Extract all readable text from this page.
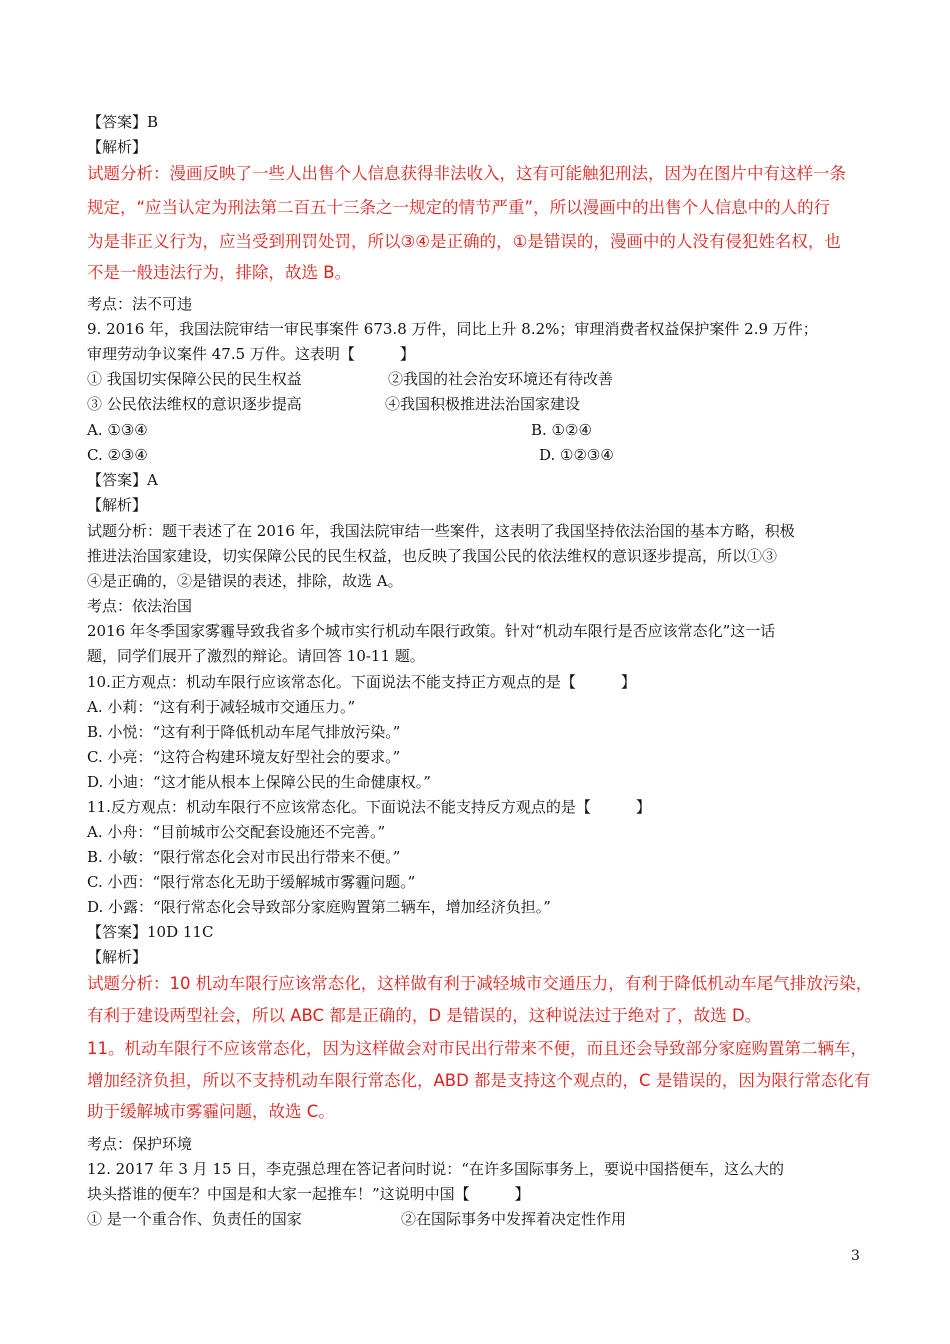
【答案】B
【解析】
试题分析：漫画反映了一些人出售个人信息获得非法收入，这有可能触犯刑法，因为在图片中有这样一条
规定，“应当认定为刑法第二百五十三条之一规定的情节严重”，所以漫画中的出售个人信息中的人的行
为是非正义行为，应当受到刑罚处罚，所以③④是正确的，①是错误的，漫画中的人没有侵犯姓名权，也
不是一般违法行为，排除，故选 B。
考点：法不可违
9. 2016 年，我国法院审结一审民事案件 673.8 万件，同比上升 8.2%；审理消费者权益保护案件 2.9 万件；
审理劳动争议案件 47.5 万件。这表明【　　　】
① 我国切实保障公民的民生权益	②我国的社会治安环境还有待改善
③ 公民依法维权的意识逐步提高	④我国积极推进法治国家建设
A. ①③④	B. ①②④
C. ②③④	D. ①②③④
【答案】A
【解析】
试题分析：题干表述了在 2016 年，我国法院审结一些案件，这表明了我国坚持依法治国的基本方略，积极
推进法治国家建设，切实保障公民的民生权益，也反映了我国公民的依法维权的意识逐步提高，所以①③
④是正确的，②是错误的表述，排除，故选 A。
考点：依法治国
2016 年冬季国家雾霾导致我省多个城市实行机动车限行政策。针对“机动车限行是否应该常态化”这一话
题，同学们展开了激烈的辩论。请回答 10-11 题。
10.正方观点：机动车限行应该常态化。下面说法不能支持正方观点的是【　　　】
A. 小莉：“这有利于减轻城市交通压力。”
B. 小悦：“这有利于降低机动车尾气排放污染。”
C. 小亮：“这符合构建环境友好型社会的要求。”
D. 小迪：“这才能从根本上保障公民的生命健康权。”
11.反方观点：机动车限行不应该常态化。下面说法不能支持反方观点的是【　　　】
A. 小舟：“目前城市公交配套设施还不完善。”
B. 小敏：“限行常态化会对市民出行带来不便。”
C. 小西：“限行常态化无助于缓解城市雾霾问题。”
D. 小露：“限行常态化会导致部分家庭购置第二辆车，增加经济负担。”
【答案】10D 11C
【解析】
试题分析：10 机动车限行应该常态化，这样做有利于减轻城市交通压力，有利于降低机动车尾气排放污染，
有利于建设两型社会，所以 ABC 都是正确的，D 是错误的，这种说法过于绝对了，故选 D。
11。机动车限行不应该常态化，因为这样做会对市民出行带来不便，而且还会导致部分家庭购置第二辆车，
增加经济负担，所以不支持机动车限行常态化，ABD 都是支持这个观点的，C 是错误的，因为限行常态化有
助于缓解城市雾霾问题，故选 C。
考点：保护环境
12. 2017 年 3 月 15 日，李克强总理在答记者问时说：“在许多国际事务上，要说中国搭便车，这么大的
块头搭谁的便车？中国是和大家一起推车！”这说明中国【　　　】
① 是一个重合作、负责任的国家	②在国际事务中发挥着决定性作用
3
